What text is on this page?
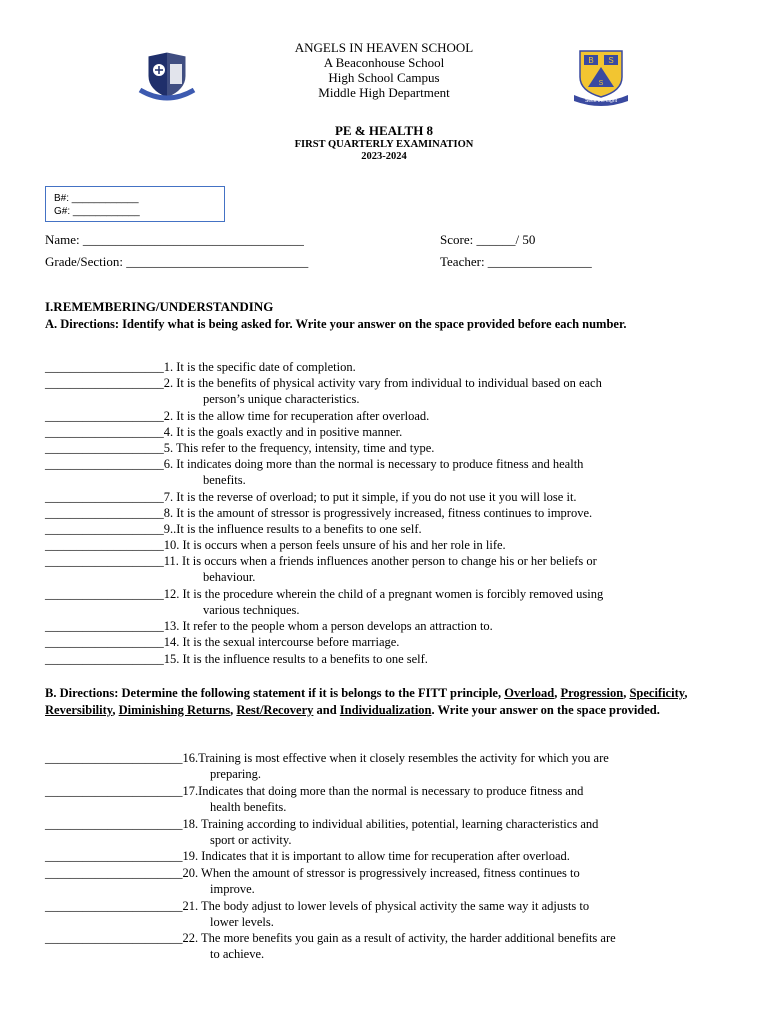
B S
S
Seek the Light
ANGELS IN HEAVEN SCHOOL
A Beaconhouse School
High School Campus
Middle High Department
PE & HEALTH 8
FIRST QUARTERLY EXAMINATION
2023-2024
B#: ____________
G#: ____________
Name: __________________________________	Score: ______/ 50
Grade/Section: ____________________________	Teacher: ________________
I.REMEMBERING/UNDERSTANDING
A. Directions: Identify what is being asked for. Write your answer on the space provided before each number.
___________________1. It is the specific date of completion.
___________________2. It is the benefits of physical activity vary from individual to individual based on each
person’s unique characteristics.
___________________2. It is the allow time for recuperation after overload.
___________________4. It is the goals exactly and in positive manner.
___________________5. This refer to the frequency, intensity, time and type.
___________________6. It indicates doing more than the normal is necessary to produce fitness and health
benefits.
___________________7. It is the reverse of overload; to put it simple, if you do not use it you will lose it.
___________________8. It is the amount of stressor is progressively increased, fitness continues to improve.
___________________9..It is the influence results to a benefits to one self.
___________________10. It is occurs when a person feels unsure of his and her role in life.
___________________11. It is occurs when a friends influences another person to change his or her beliefs or
behaviour.
___________________12. It is the procedure wherein the child of a pregnant women is forcibly removed using
various techniques.
___________________13. It refer to the people whom a person develops an attraction to.
___________________14. It is the sexual intercourse before marriage.
___________________15. It is the influence results to a benefits to one self.
B. Directions: Determine the following statement if it is belongs to the FITT principle, Overload, Progression, Specificity, Reversibility, Diminishing Returns, Rest/Recovery and Individualization. Write your answer on the space provided.
______________________16.Training is most effective when it closely resembles the activity for which you are
preparing.
______________________17.Indicates that doing more than the normal is necessary to produce fitness and
health benefits.
______________________18. Training according to individual abilities, potential, learning characteristics and
sport or activity.
______________________19. Indicates that it is important to allow time for recuperation after overload.
______________________20. When the amount of stressor is progressively increased, fitness continues to
improve.
______________________21. The body adjust to lower levels of physical activity the same way it adjusts to
lower levels.
______________________22. The more benefits you gain as a result of activity, the harder additional benefits are
to achieve.
